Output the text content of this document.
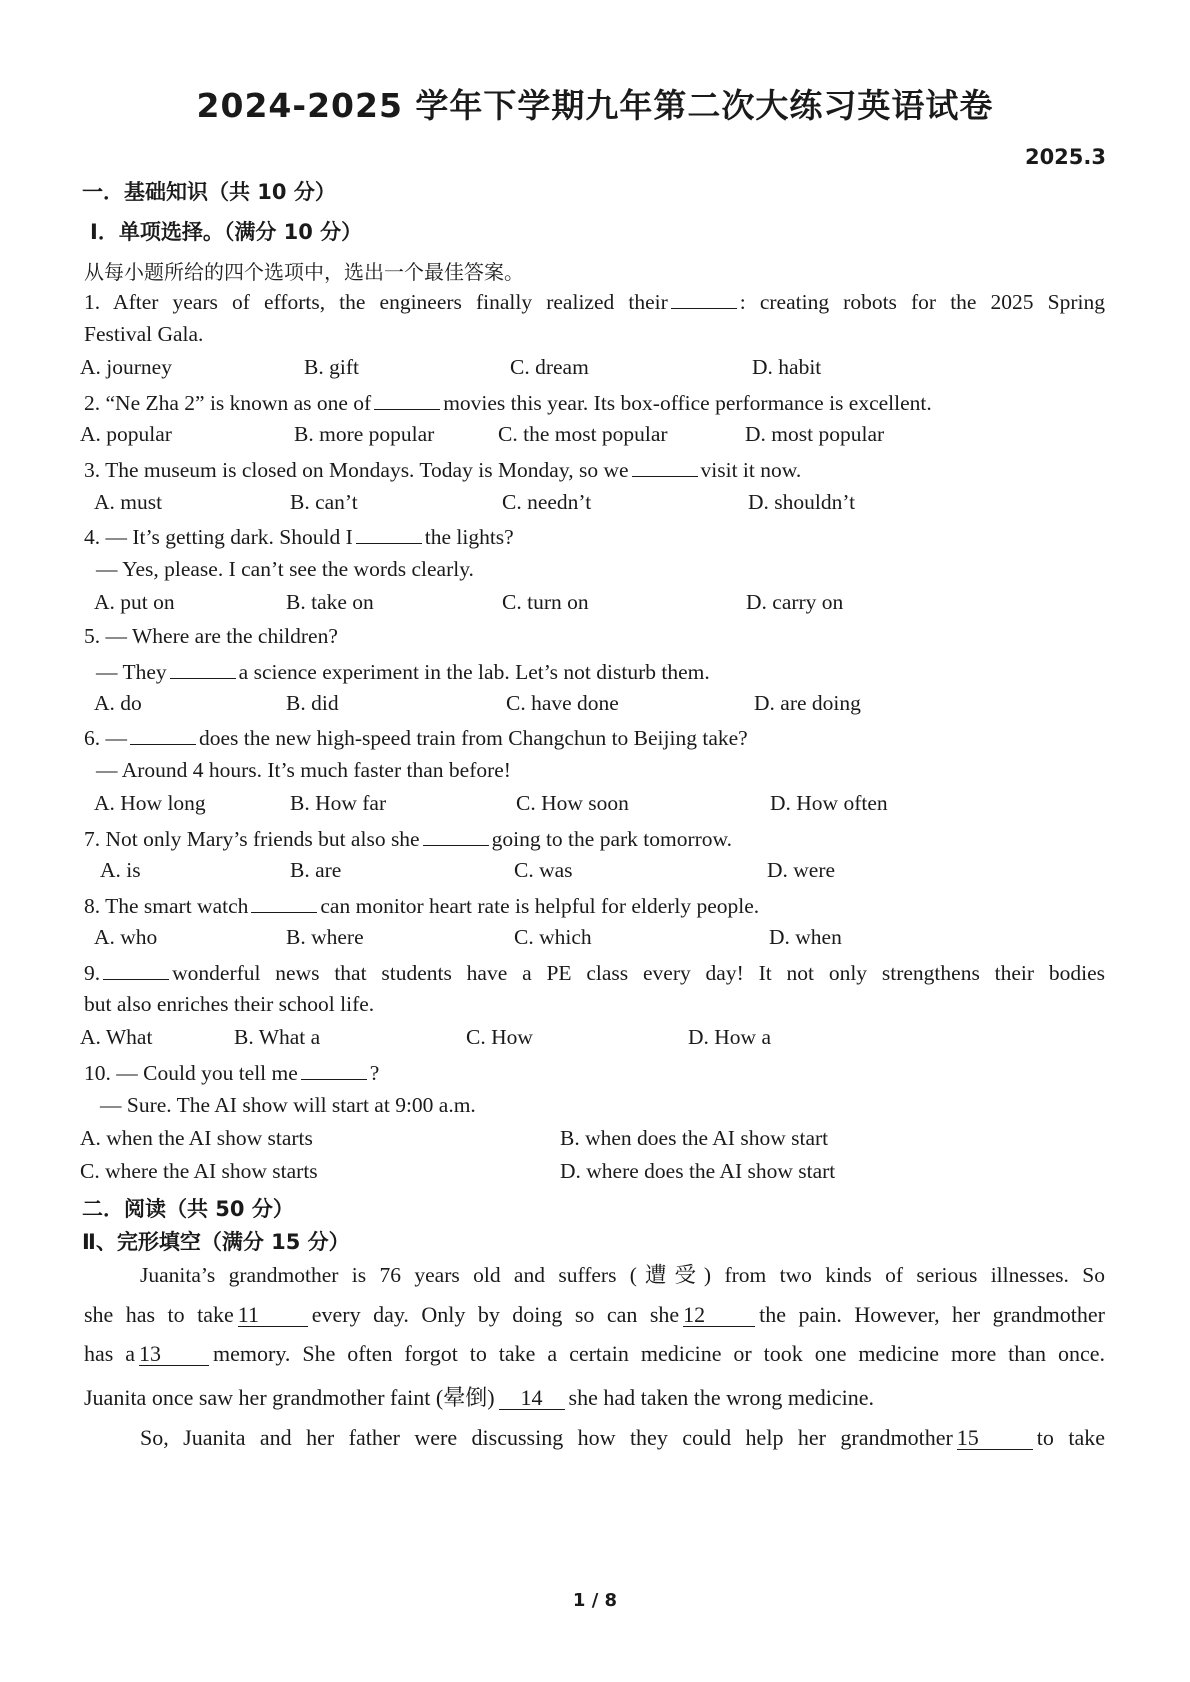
2024-2025 学年下学期九年第二次大练习英语试卷
2025.3
一．基础知识（共 10 分）
Ⅰ．单项选择。（满分 10 分）
从每小题所给的四个选项中，选出一个最佳答案。
1. After years of efforts, the engineers finally realized their	: creating robots for the 2025 Spring
Festival Gala.
A. journey	B. gift	C. dream	D. habit
2. “Ne Zha 2” is known as one of	movies this year. Its box-office performance is excellent.
A. popular	B. more popular	C. the most popular	D. most popular
3. The museum is closed on Mondays. Today is Monday, so we	visit it now.
A. must	B. can’t	C. needn’t	D. shouldn’t
4. — It’s getting dark. Should I	the lights?
— Yes, please. I can’t see the words clearly.
A. put on	B. take on	C. turn on	D. carry on
5. — Where are the children?
— They	a science experiment in the lab. Let’s not disturb them.
A. do	B. did	C. have done	D. are doing
6. —	does the new high-speed train from Changchun to Beijing take?
— Around 4 hours. It’s much faster than before!
A. How long	B. How far	C. How soon	D. How often
7. Not only Mary’s friends but also she	going to the park tomorrow.
A. is	B. are	C. was	D. were
8. The smart watch	can monitor heart rate is helpful for elderly people.
A. who	B. where	C. which	D. when
9.	wonderful news that students have a PE class every day! It not only strengthens their bodies
but also enriches their school life.
A. What	B. What a	C. How	D. How a
10. — Could you tell me	?
— Sure. The AI show will start at 9:00 a.m.
A. when the AI show starts	B. when does the AI show start
C. where the AI show starts	D. where does the AI show start
二．阅读（共 50 分）
Ⅱ、完形填空（满分 15 分）
Juanita’s grandmother is 76 years old and suffers (遭受) from two kinds of serious illnesses. So
she has to take 11 every day. Only by doing so can she 12 the pain. However, her grandmother
has a 13 memory. She often forgot to take a certain medicine or took one medicine more than once.
Juanita once saw her grandmother faint (晕倒) 14 she had taken the wrong medicine.
So, Juanita and her father were discussing how they could help her grandmother 15	to take
1 / 8
